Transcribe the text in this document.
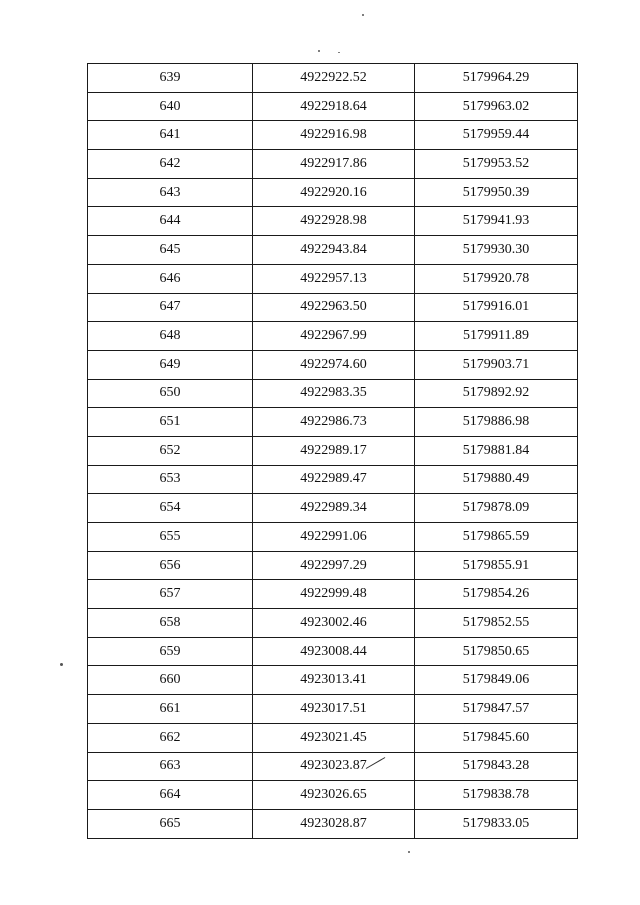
639	4922922.52	5179964.29
640	4922918.64	5179963.02
641	4922916.98	5179959.44
642	4922917.86	5179953.52
643	4922920.16	5179950.39
644	4922928.98	5179941.93
645	4922943.84	5179930.30
646	4922957.13	5179920.78
647	4922963.50	5179916.01
648	4922967.99	5179911.89
649	4922974.60	5179903.71
650	4922983.35	5179892.92
651	4922986.73	5179886.98
652	4922989.17	5179881.84
653	4922989.47	5179880.49
654	4922989.34	5179878.09
655	4922991.06	5179865.59
656	4922997.29	5179855.91
657	4922999.48	5179854.26
658	4923002.46	5179852.55
659	4923008.44	5179850.65
660	4923013.41	5179849.06
661	4923017.51	5179847.57
662	4923021.45	5179845.60
663	4923023.87	5179843.28
664	4923026.65	5179838.78
665	4923028.87	5179833.05
